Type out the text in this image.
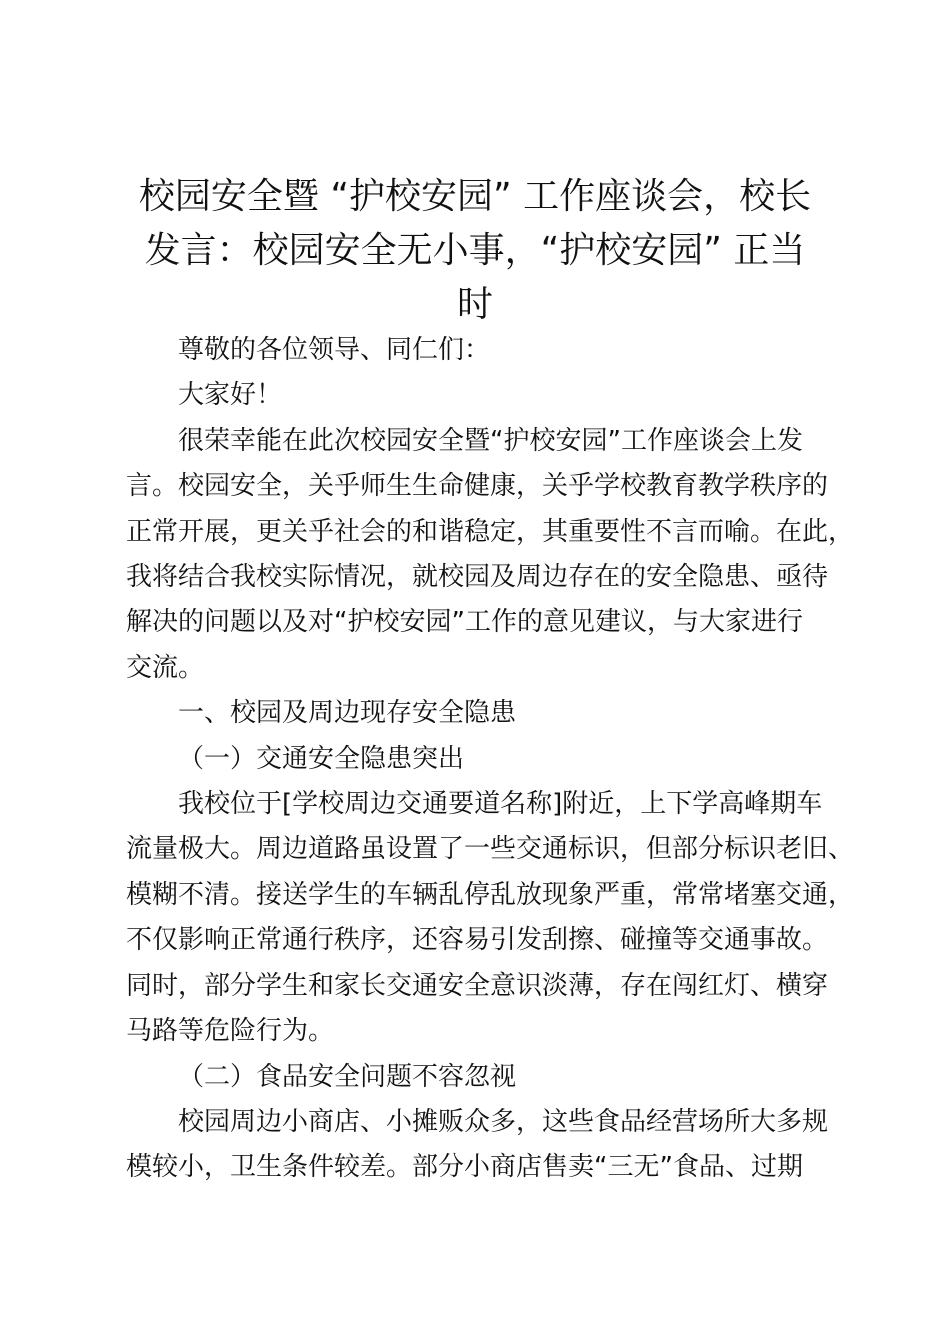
校园安全暨 “护校安园” 工作座谈会，校长
发言：校园安全无小事，“护校安园” 正当
时

尊敬的各位领导、同仁们：

大家好！

很荣幸能在此次校园安全暨“护校安园”工作座谈会上发
言。校园安全，关乎师生生命健康，关乎学校教育教学秩序的
正常开展，更关乎社会的和谐稳定，其重要性不言而喻。在此，
我将结合我校实际情况，就校园及周边存在的安全隐患、亟待
解决的问题以及对“护校安园”工作的意见建议，与大家进行
交流。

一、校园及周边现存安全隐患

（一）交通安全隐患突出

我校位于[学校周边交通要道名称]附近，上下学高峰期车
流量极大。周边道路虽设置了一些交通标识，但部分标识老旧、
模糊不清。接送学生的车辆乱停乱放现象严重，常常堵塞交通，
不仅影响正常通行秩序，还容易引发刮擦、碰撞等交通事故。
同时，部分学生和家长交通安全意识淡薄，存在闯红灯、横穿
马路等危险行为。

（二）食品安全问题不容忽视

校园周边小商店、小摊贩众多，这些食品经营场所大多规
模较小，卫生条件较差。部分小商店售卖“三无”食品、过期
